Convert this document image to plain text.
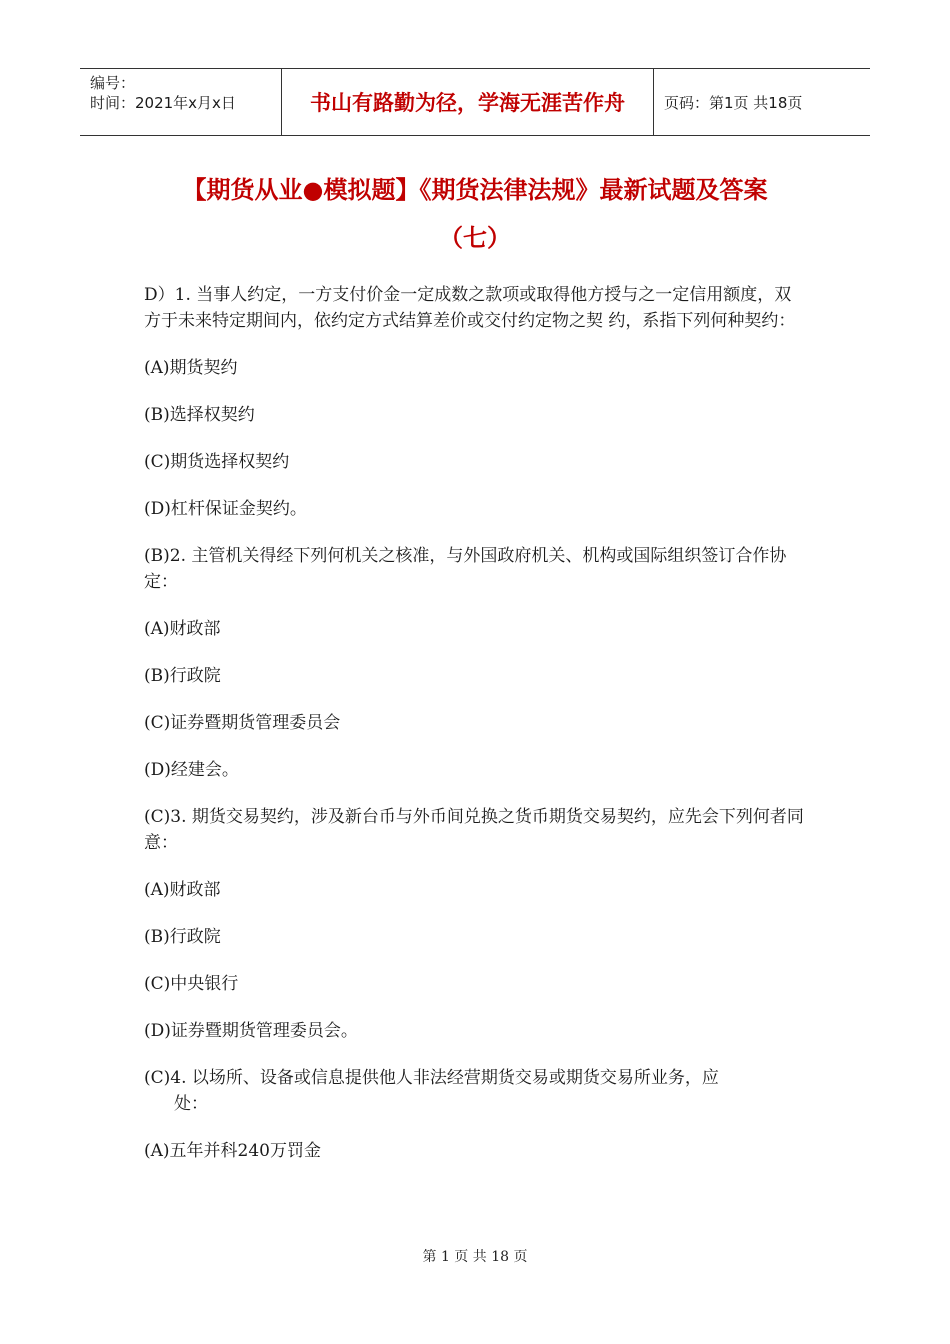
编号：
时间：2021年x月x日	书山有路勤为径，学海无涯苦作舟	页码：第1页 共18页
【期货从业●模拟题】《期货法律法规》最新试题及答案
（七）

D）1. 当事人约定，一方支付价金一定成数之款项或取得他方授与之一定信用额度，双方于未来特定期间内，依约定方式结算差价或交付约定物之契 约，系指下列何种契约：

(A)期货契约

(B)选择权契约

(C)期货选择权契约

(D)杠杆保证金契约。

(B)2. 主管机关得经下列何机关之核准，与外国政府机关、机构或国际组织签订合作协定：

(A)财政部

(B)行政院

(C)证券暨期货管理委员会

(D)经建会。

(C)3. 期货交易契约，涉及新台币与外币间兑换之货币期货交易契约，应先会下列何者同意：

(A)财政部

(B)行政院

(C)中央银行

(D)证券暨期货管理委员会。

(C)4. 以场所、设备或信息提供他人非法经营期货交易或期货交易所业务，应
处：

(A)五年并科240万罚金

第 1 页 共 18 页
